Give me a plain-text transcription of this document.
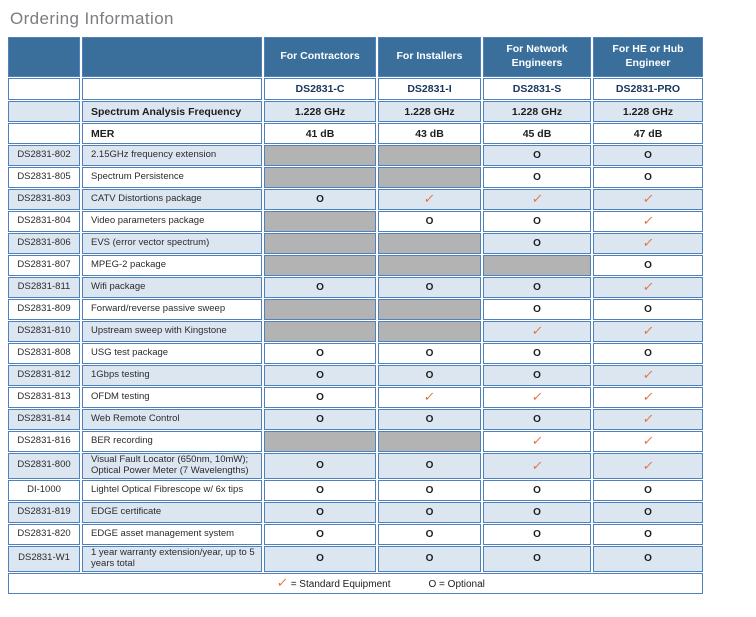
Ordering Information
		For Contractors	For Installers	For Network Engineers	For HE or Hub Engineer
		DS2831-C	DS2831-I	DS2831-S	DS2831-PRO
	Spectrum Analysis Frequency	1.228 GHz	1.228 GHz	1.228 GHz	1.228 GHz
	MER	41 dB	43 dB	45 dB	47 dB
DS2831-802	2.15GHz frequency extension			O	O
DS2831-805	Spectrum Persistence			O	O
DS2831-803	CATV Distortions package	O	✓	✓	✓
DS2831-804	Video parameters package		O	O	✓
DS2831-806	EVS (error vector spectrum)			O	✓
DS2831-807	MPEG-2 package				O
DS2831-811	Wifi package	O	O	O	✓
DS2831-809	Forward/reverse passive sweep			O	O
DS2831-810	Upstream sweep with Kingstone			✓	✓
DS2831-808	USG test package	O	O	O	O
DS2831-812	1Gbps testing	O	O	O	✓
DS2831-813	OFDM testing	O	✓	✓	✓
DS2831-814	Web Remote Control	O	O	O	✓
DS2831-816	BER recording			✓	✓
DS2831-800	Visual Fault Locator (650nm, 10mW); Optical Power Meter (7 Wavelengths)	O	O	✓	✓
DI-1000	Lightel Optical Fibrescope w/ 6x tips	O	O	O	O
DS2831-819	EDGE certificate	O	O	O	O
DS2831-820	EDGE asset management system	O	O	O	O
DS2831-W1	1 year warranty extension/year, up to 5 years total	O	O	O	O
✓ = Standard Equipment O = Optional					
